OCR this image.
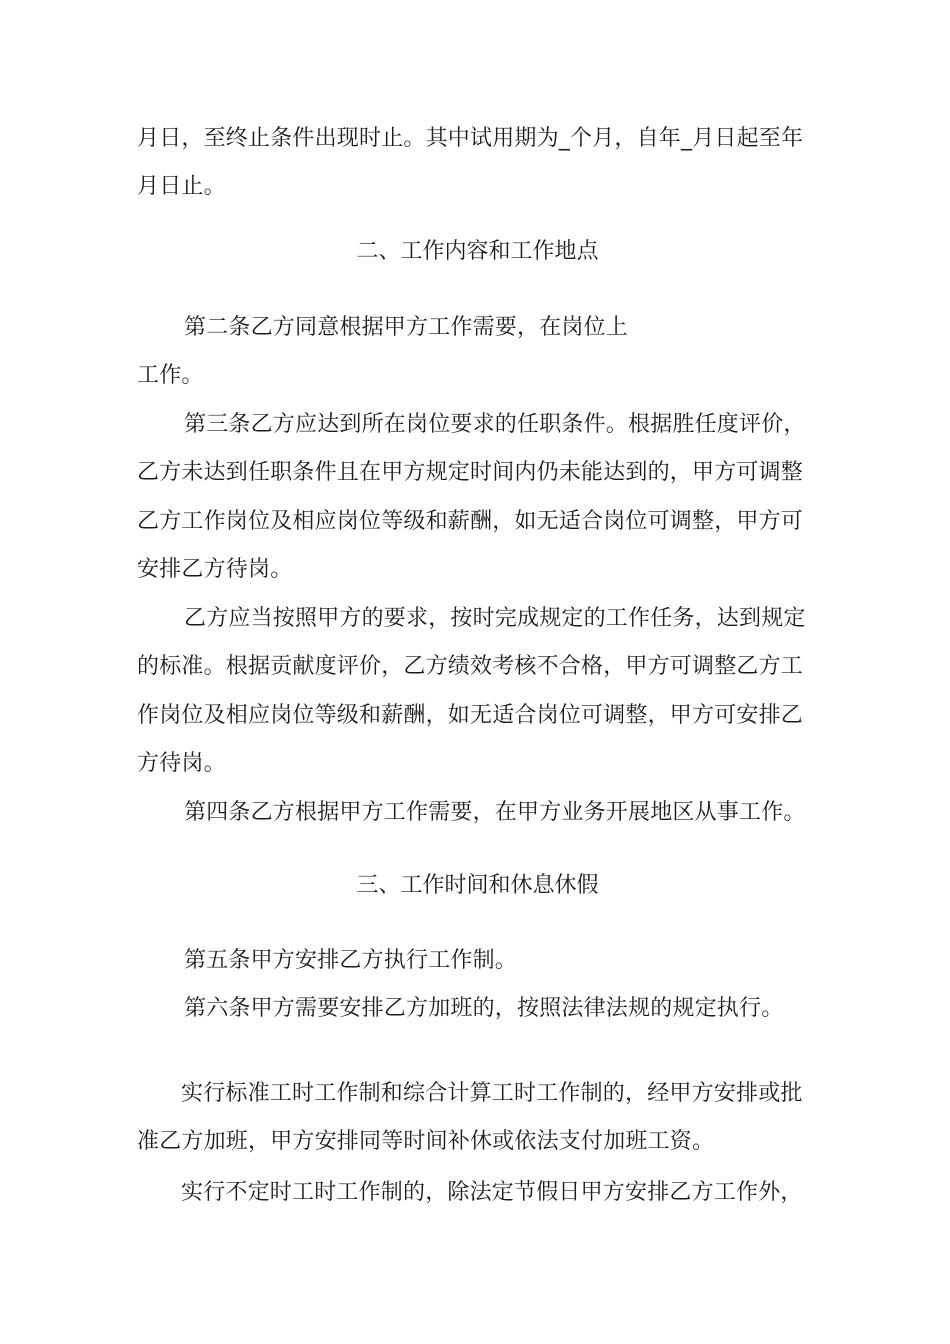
月日，至终止条件出现时止。其中试用期为_个月，自年_月日起至年
月日止。
二、工作内容和工作地点
第二条乙方同意根据甲方工作需要，在岗位上
工作。
第三条乙方应达到所在岗位要求的任职条件。根据胜任度评价，
乙方未达到任职条件且在甲方规定时间内仍未能达到的，甲方可调整
乙方工作岗位及相应岗位等级和薪酬，如无适合岗位可调整，甲方可
安排乙方待岗。
乙方应当按照甲方的要求，按时完成规定的工作任务，达到规定
的标准。根据贡献度评价，乙方绩效考核不合格，甲方可调整乙方工
作岗位及相应岗位等级和薪酬，如无适合岗位可调整，甲方可安排乙
方待岗。
第四条乙方根据甲方工作需要，在甲方业务开展地区从事工作。
三、工作时间和休息休假
第五条甲方安排乙方执行工作制。
第六条甲方需要安排乙方加班的，按照法律法规的规定执行。
实行标准工时工作制和综合计算工时工作制的，经甲方安排或批
准乙方加班，甲方安排同等时间补休或依法支付加班工资。
实行不定时工时工作制的，除法定节假日甲方安排乙方工作外，
